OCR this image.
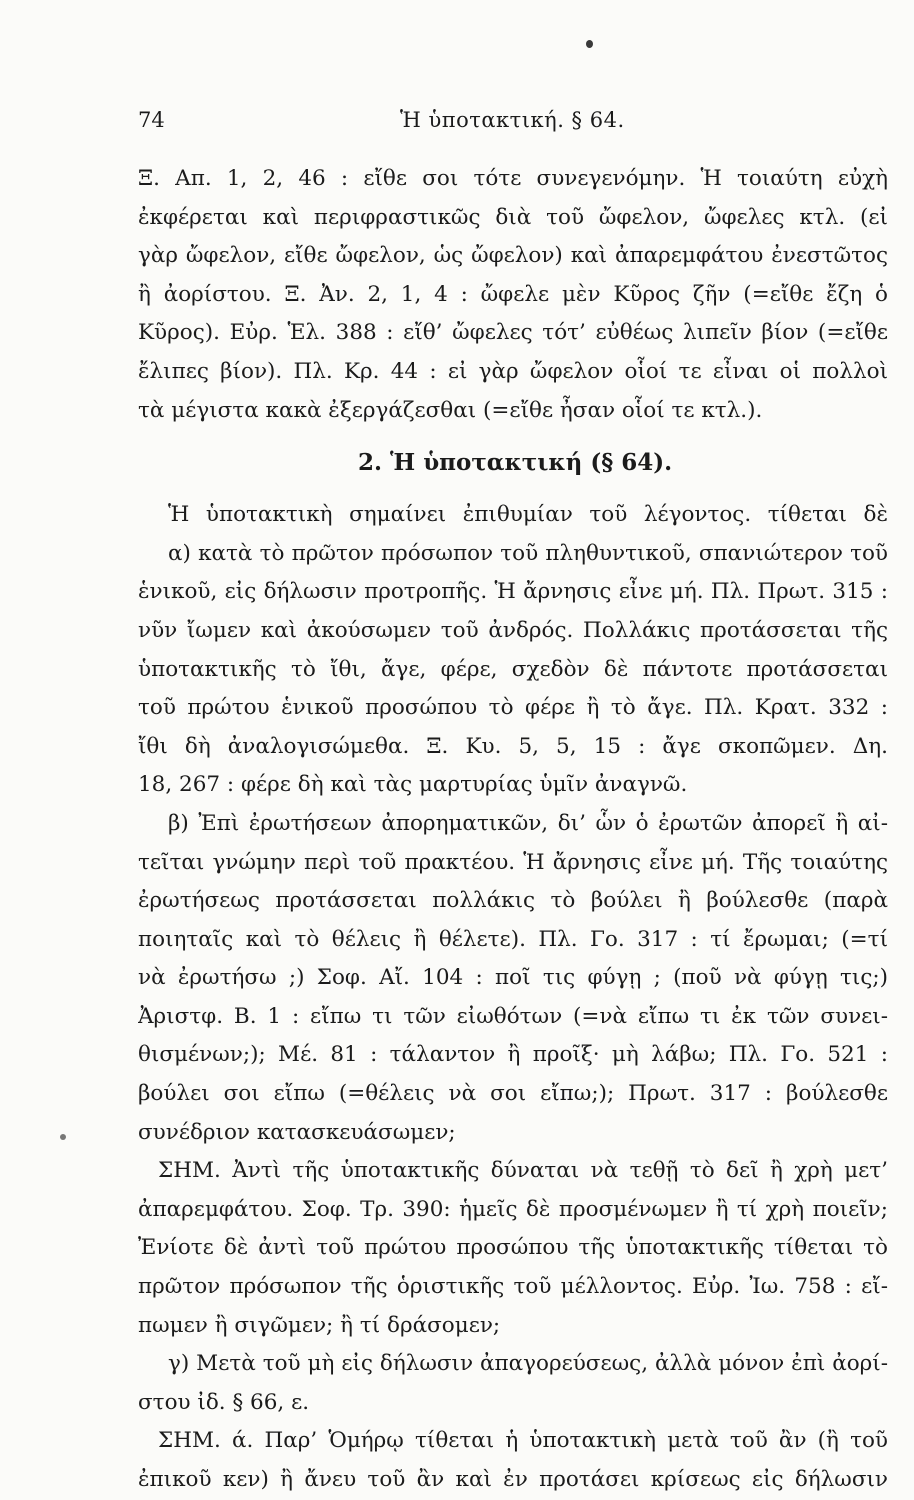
74	Ἡ ὑποτακτική. § 64.
Ξ. Απ. 1, 2, 46 : εἴθε σοι τότε συνεγενόμην. Ἡ τοιαύτη εὐχὴ
ἐκφέρεται καὶ περιφραστικῶς διὰ τοῦ ὤφελον, ὤφελες κτλ. (εἰ
γὰρ ὤφελον, εἴθε ὤφελον, ὡς ὤφελον) καὶ ἀπαρεμφάτου ἐνεστῶτος
ἢ ἀορίστου. Ξ. Ἀν. 2, 1, 4 : ὤφελε μὲν Κῦρος ζῆν (=εἴθε ἔζη ὁ
Κῦρος). Εὐρ. Ἑλ. 388 : εἴθ’ ὤφελες τότ’ εὐθέως λιπεῖν βίον (=εἴθε
ἔλιπες βίον). Πλ. Κρ. 44 : εἰ γὰρ ὤφελον οἷοί τε εἶναι οἱ πολλοὶ
τὰ μέγιστα κακὰ ἐξεργάζεσθαι (=εἴθε ἦσαν οἷοί τε κτλ.).
2. Ἡ ὑποτακτική (§ 64).
Ἡ ὑποτακτικὴ σημαίνει ἐπιθυμίαν τοῦ λέγοντος. τίθεται δὲ
α) κατὰ τὸ πρῶτον πρόσωπον τοῦ πληθυντικοῦ, σπανιώτερον τοῦ
ἑνικοῦ, εἰς δήλωσιν προτροπῆς. Ἡ ἄρνησις εἶνε μή. Πλ. Πρωτ. 315 :
νῦν ἴωμεν καὶ ἀκούσωμεν τοῦ ἀνδρός. Πολλάκις προτάσσεται τῆς
ὑποτακτικῆς τὸ ἴθι, ἄγε, φέρε, σχεδὸν δὲ πάντοτε προτάσσεται
τοῦ πρώτου ἑνικοῦ προσώπου τὸ φέρε ἢ τὸ ἄγε. Πλ. Κρατ. 332 :
ἴθι δὴ ἀναλογισώμεθα. Ξ. Κυ. 5, 5, 15 : ἄγε σκοπῶμεν. Δη.
18, 267 : φέρε δὴ καὶ τὰς μαρτυρίας ὑμῖν ἀναγνῶ.
β) Ἐπὶ ἐρωτήσεων ἀπορηματικῶν, δι’ ὧν ὁ ἐρωτῶν ἀπορεῖ ἢ αἰ-
τεῖται γνώμην περὶ τοῦ πρακτέου. Ἡ ἄρνησις εἶνε μή. Τῆς τοιαύτης
ἐρωτήσεως προτάσσεται πολλάκις τὸ βούλει ἢ βούλεσθε (παρὰ
ποιηταῖς καὶ τὸ θέλεις ἢ θέλετε). Πλ. Γο. 317 : τί ἔρωμαι; (=τί
νὰ ἐρωτήσω ;) Σοφ. Αἴ. 104 : ποῖ τις φύγῃ ; (ποῦ νὰ φύγῃ τις;)
Ἀριστφ. Β. 1 : εἴπω τι τῶν εἰωθότων (=νὰ εἴπω τι ἐκ τῶν συνει-
θισμένων;); Μέ. 81 : τάλαντον ἢ προῖξ· μὴ λάβω; Πλ. Γο. 521 :
βούλει σοι εἴπω (=θέλεις νὰ σοι εἴπω;); Πρωτ. 317 : βούλεσθε
συνέδριον κατασκευάσωμεν;
ΣΗΜ. Ἀντὶ τῆς ὑποτακτικῆς δύναται νὰ τεθῇ τὸ δεῖ ἢ χρὴ μετ’
ἀπαρεμφάτου. Σοφ. Τρ. 390: ἡμεῖς δὲ προσμένωμεν ἢ τί χρὴ ποιεῖν;
Ἐνίοτε δὲ ἀντὶ τοῦ πρώτου προσώπου τῆς ὑποτακτικῆς τίθεται τὸ
πρῶτον πρόσωπον τῆς ὁριστικῆς τοῦ μέλλοντος. Εὐρ. Ἰω. 758 : εἴ-
πωμεν ἢ σιγῶμεν; ἢ τί δράσομεν;
γ) Μετὰ τοῦ μὴ εἰς δήλωσιν ἀπαγορεύσεως, ἀλλὰ μόνον ἐπὶ ἀορί-
στου ἰδ. § 66, ε.
ΣΗΜ. ά. Παρ’ Ὁμήρῳ τίθεται ἡ ὑποτακτικὴ μετὰ τοῦ ἂν (ἢ τοῦ
ἐπικοῦ κεν) ἢ ἄνευ τοῦ ἂν καὶ ἐν προτάσει κρίσεως εἰς δήλωσιν
